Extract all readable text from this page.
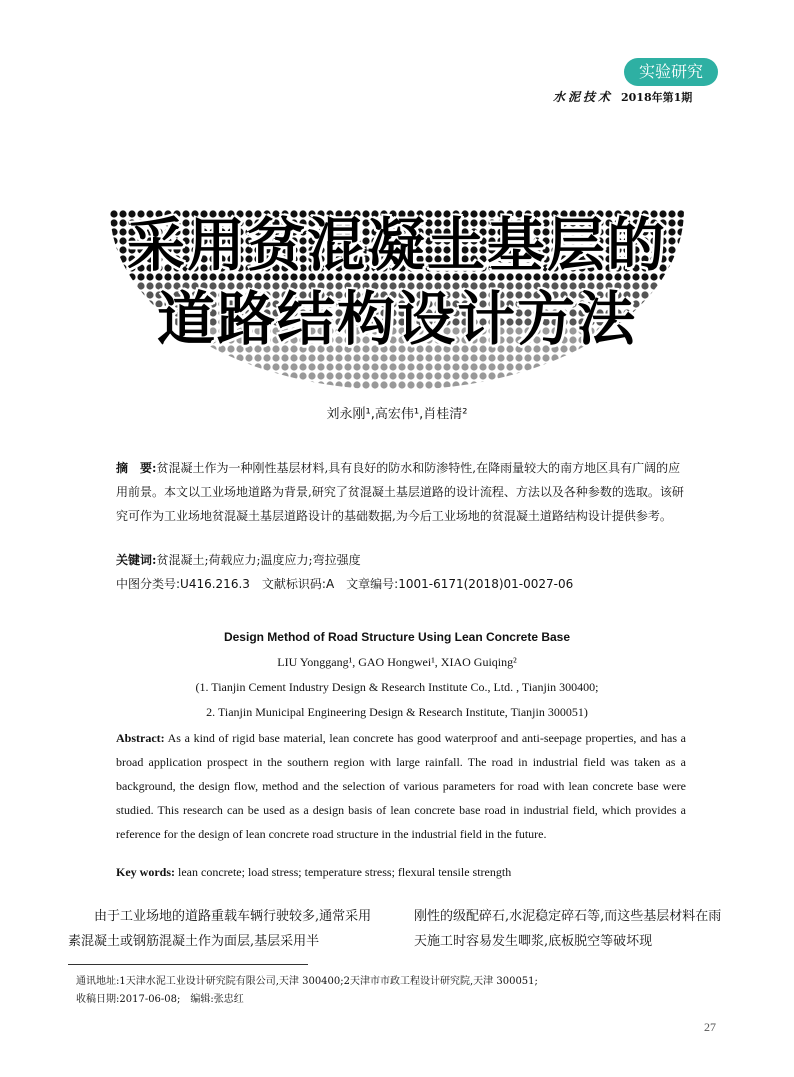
实验研究
水泥技术 2018年第1期
采用贫混凝土基层的
道路结构设计方法
刘永刚¹,高宏伟¹,肖桂清²
摘　要:贫混凝土作为一种刚性基层材料,具有良好的防水和防渗特性,在降雨量较大的南方地区具有广阔的应用前景。本文以工业场地道路为背景,研究了贫混凝土基层道路的设计流程、方法以及各种参数的选取。该研究可作为工业场地贫混凝土基层道路设计的基础数据,为今后工业场地的贫混凝土道路结构设计提供参考。
关键词:贫混凝土;荷载应力;温度应力;弯拉强度
中图分类号:U416.216.3　文献标识码:A　文章编号:1001-6171(2018)01-0027-06
Design Method of Road Structure Using Lean Concrete Base
LIU Yonggang¹, GAO Hongwei¹, XIAO Guiqing²
(1. Tianjin Cement Industry Design & Research Institute Co., Ltd. , Tianjin 300400;
2. Tianjin Municipal Engineering Design & Research Institute, Tianjin 300051)
Abstract: As a kind of rigid base material, lean concrete has good waterproof and anti-seepage properties, and has a broad application prospect in the southern region with large rainfall. The road in industrial field was taken as a background, the design flow, method and the selection of various parameters for road with lean concrete base were studied. This research can be used as a design basis of lean concrete base road in industrial field, which provides a reference for the design of lean concrete road structure in the industrial field in the future.
Key words: lean concrete; load stress; temperature stress; flexural tensile strength
　　由于工业场地的道路重载车辆行驶较多,通常采用素混凝土或钢筋混凝土作为面层,基层采用半
刚性的级配碎石,水泥稳定碎石等,而这些基层材料在雨天施工时容易发生唧浆,底板脱空等破坏现
通讯地址:1天津水泥工业设计研究院有限公司,天津 300400;2天津市市政工程设计研究院,天津 300051;
收稿日期:2017-06-08;　编辑:张忠红
27
